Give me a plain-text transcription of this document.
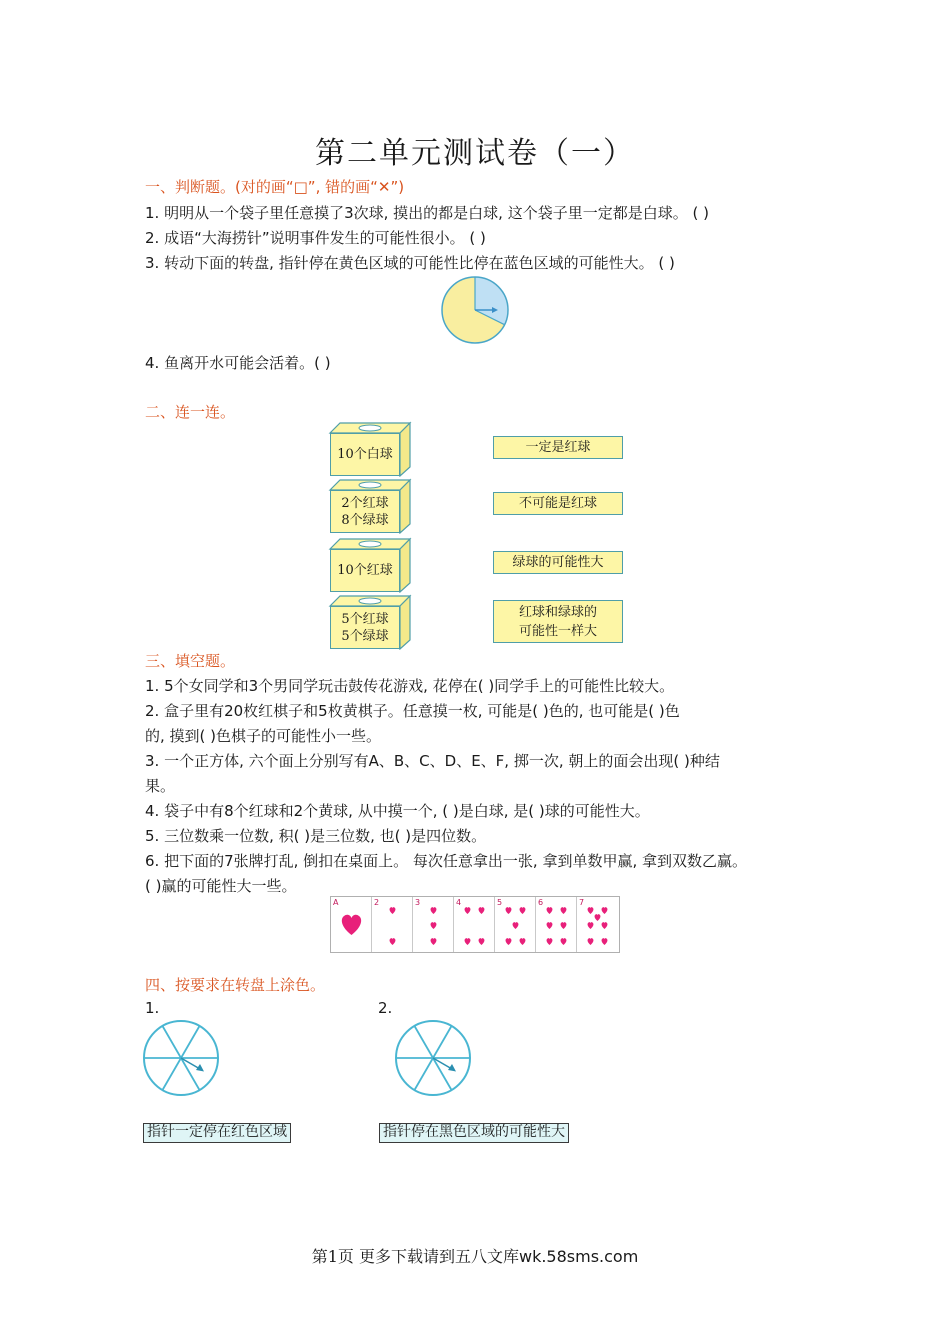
第二单元测试卷（一）
一、判断题。(对的画“□”, 错的画“✕”)
1. 明明从一个袋子里任意摸了3次球, 摸出的都是白球, 这个袋子里一定都是白球。 ( )
2. 成语“大海捞针”说明事件发生的可能性很小。 ( )
3. 转动下面的转盘, 指针停在黄色区域的可能性比停在蓝色区域的可能性大。 ( )
4. 鱼离开水可能会活着。( )
二、连一连。
10个白球
2个红球
8个绿球
10个红球
5个红球
5个绿球
一定是红球
不可能是红球
绿球的可能性大
红球和绿球的
可能性一样大
三、填空题。
1. 5个女同学和3个男同学玩击鼓传花游戏, 花停在( )同学手上的可能性比较大。
2. 盒子里有20枚红棋子和5枚黄棋子。任意摸一枚, 可能是( )色的, 也可能是( )色
的, 摸到( )色棋子的可能性小一些。
3. 一个正方体, 六个面上分别写有A、B、C、D、E、F, 掷一次, 朝上的面会出现( )种结
果。
4. 袋子中有8个红球和2个黄球, 从中摸一个, ( )是白球, 是( )球的可能性大。
5. 三位数乘一位数, 积( )是三位数, 也( )是四位数。
6. 把下面的7张牌打乱, 倒扣在桌面上。 每次任意拿出一张, 拿到单数甲赢, 拿到双数乙赢。
( )赢的可能性大一些。
A	2	3	4	5	6	7
四、按要求在转盘上涂色。
1.	2.
指针一定停在红色区域	指针停在黑色区域的可能性大
第1页 更多下载请到五八文库wk.58sms.com
